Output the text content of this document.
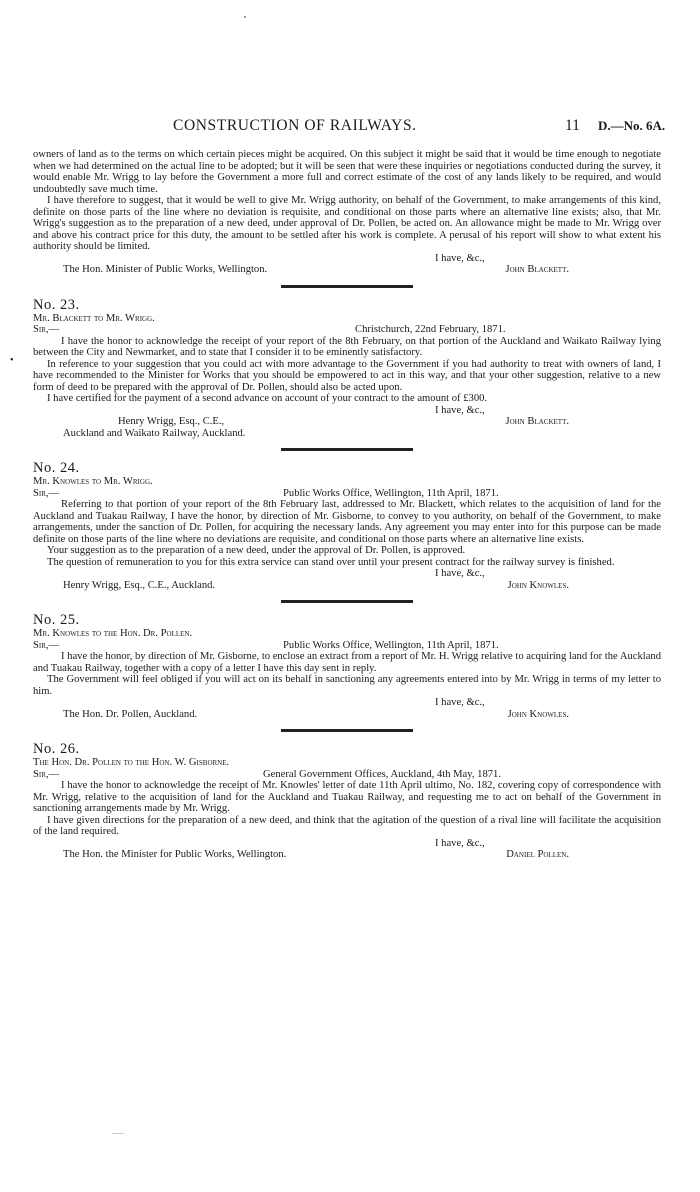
CONSTRUCTION OF RAILWAYS.	11 D.—No. 6A.
•

owners of land as to the terms on which certain pieces might be acquired. On this subject it might be said that it would be time enough to negotiate when we had determined on the actual line to be adopted; but it will be seen that were these inquiries or negotiations conducted during the survey, it would enable Mr. Wrigg to lay before the Government a more full and correct estimate of the cost of any lands likely to be required, and would undoubtedly save much time.

I have therefore to suggest, that it would be well to give Mr. Wrigg authority, on behalf of the Government, to make arrangements of this kind, definite on those parts of the line where no deviation is requisite, and conditional on those parts where an alternative line exists; also, that Mr. Wrigg's suggestion as to the preparation of a new deed, under approval of Dr. Pollen, be acted on. An allowance might be made to Mr. Wrigg over and above his contract price for this duty, the amount to be settled after his work is complete. A perusal of his report will show to what extent his authority should be limited.

I have, &c.,

The Hon. Minister of Public Works, Wellington.	John Blackett.

No. 23.

Mr. Blackett to Mr. Wrigg.

Sir,—	Christchurch, 22nd February, 1871.

I have the honor to acknowledge the receipt of your report of the 8th February, on that portion of the Auckland and Waikato Railway lying between the City and Newmarket, and to state that I consider it to be eminently satisfactory.

In reference to your suggestion that you could act with more advantage to the Government if you had authority to treat with owners of land, I have recommended to the Minister for Works that you should be empowered to act in this way, and that your other suggestion, relative to a new form of deed to be prepared with the approval of Dr. Pollen, should also be acted upon.

I have certified for the payment of a second advance on account of your contract to the amount of £300.

I have, &c.,

Henry Wrigg, Esq., C.E.,	John Blackett.

Auckland and Waikato Railway, Auckland.

No. 24.

Mr. Knowles to Mr. Wrigg.

Sir,—	Public Works Office, Wellington, 11th April, 1871.

Referring to that portion of your report of the 8th February last, addressed to Mr. Blackett, which relates to the acquisition of land for the Auckland and Tuakau Railway, I have the honor, by direction of Mr. Gisborne, to convey to you authority, on behalf of the Government, to make arrangements, under the sanction of Dr. Pollen, for acquiring the necessary lands. Any agreement you may enter into for this purpose can be made definite on those parts of the line where no deviations are requisite, and conditional on those parts where an alternative line exists.

Your suggestion as to the preparation of a new deed, under the approval of Dr. Pollen, is approved.

The question of remuneration to you for this extra service can stand over until your present contract for the railway survey is finished.

I have, &c.,

Henry Wrigg, Esq., C.E., Auckland.	John Knowles.

No. 25.

Mr. Knowles to the Hon. Dr. Pollen.

Sir,—	Public Works Office, Wellington, 11th April, 1871.

I have the honor, by direction of Mr. Gisborne, to enclose an extract from a report of Mr. H. Wrigg relative to acquiring land for the Auckland and Tuakau Railway, together with a copy of a letter I have this day sent in reply.

The Government will feel obliged if you will act on its behalf in sanctioning any agreements entered into by Mr. Wrigg in terms of my letter to him.

I have, &c.,

The Hon. Dr. Pollen, Auckland.	John Knowles.

No. 26.

The Hon. Dr. Pollen to the Hon. W. Gisborne.

Sir,—	General Government Offices, Auckland, 4th May, 1871.

I have the honor to acknowledge the receipt of Mr. Knowles' letter of date 11th April ultimo, No. 182, covering copy of correspondence with Mr. Wrigg, relative to the acquisition of land for the Auckland and Tuakau Railway, and requesting me to act on behalf of the Government in sanctioning arrangements made by Mr. Wrigg.

I have given directions for the preparation of a new deed, and think that the agitation of the question of a rival line will facilitate the acquisition of the land required.

I have, &c.,

The Hon. the Minister for Public Works, Wellington.	Daniel Pollen.
